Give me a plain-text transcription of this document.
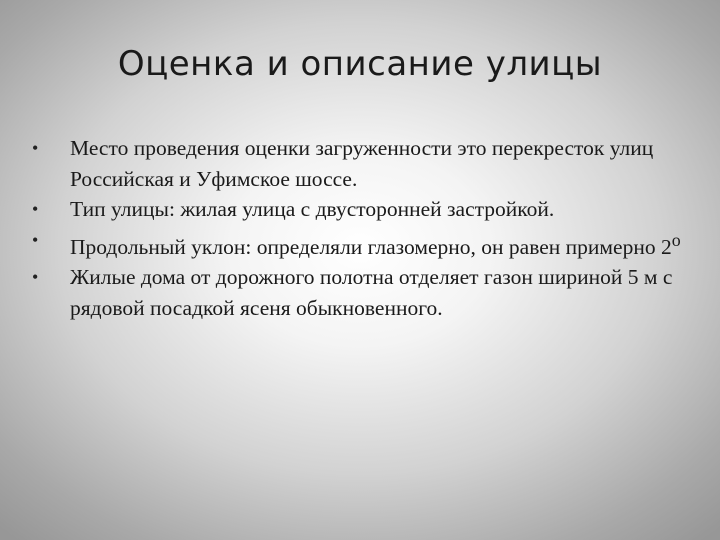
Оценка и описание улицы
• Место проведения оценки загруженности это перекресток улиц Российская и Уфимское шоссе.
• Тип улицы: жилая улица с двусторонней застройкой.
• Продольный уклон: определяли глазомерно, он равен примерно 2$^o$
• Жилые дома от дорожного полотна отделяет газон шириной 5 м с рядовой посадкой ясеня обыкновенного.
